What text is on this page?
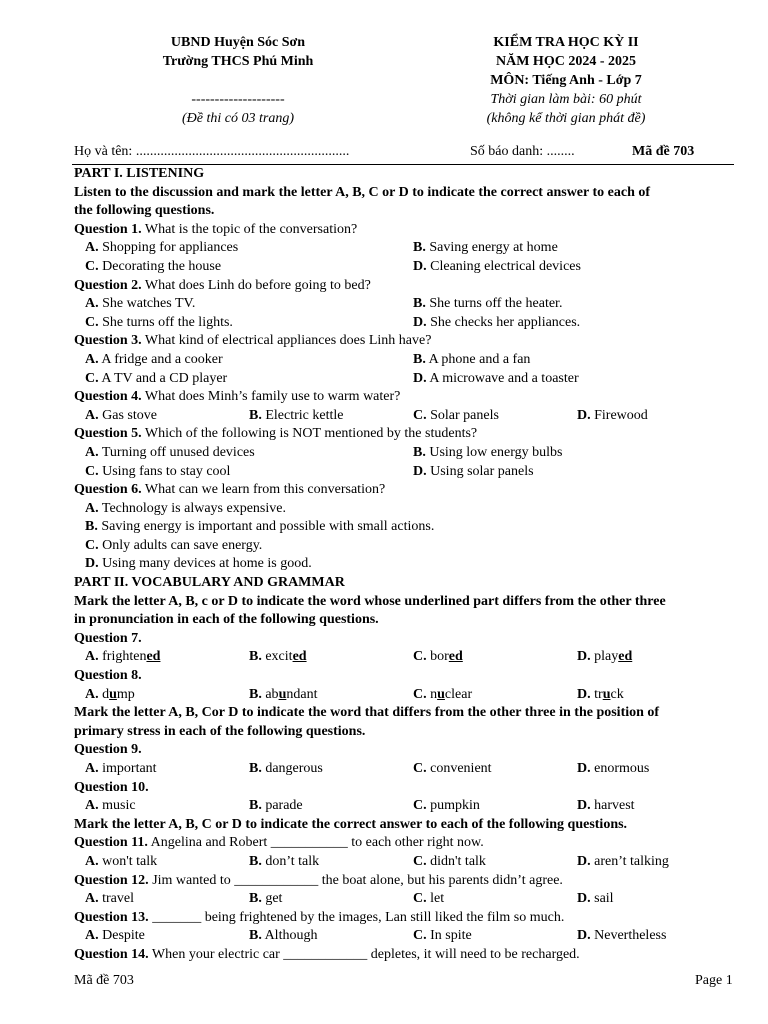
UBND Huyện Sóc Sơn
Trường THCS Phú Minh
--------------------
(Đề thi có 03 trang)
KIỂM TRA HỌC KỲ II
NĂM HỌC 2024 - 2025
MÔN: Tiếng Anh - Lớp 7
Thời gian làm bài: 60 phút
(không kể thời gian phát đề)
Họ và tên: .............................................................	Số báo danh: ........	Mã đề 703
PART I. LISTENING
Listen to the discussion and mark the letter A, B, C or D to indicate the correct answer to each of
the following questions.
Question 1. What is the topic of the conversation?
A. Shopping for appliances	B. Saving energy at home
C. Decorating the house	D. Cleaning electrical devices
Question 2. What does Linh do before going to bed?
A. She watches TV.	B. She turns off the heater.
C. She turns off the lights.	D. She checks her appliances.
Question 3. What kind of electrical appliances does Linh have?
A. A fridge and a cooker	B. A phone and a fan
C. A TV and a CD player	D. A microwave and a toaster
Question 4. What does Minh’s family use to warm water?
A. Gas stove	B. Electric kettle	C. Solar panels	D. Firewood
Question 5. Which of the following is NOT mentioned by the students?
A. Turning off unused devices	B. Using low energy bulbs
C. Using fans to stay cool	D. Using solar panels
Question 6. What can we learn from this conversation?
A. Technology is always expensive.
B. Saving energy is important and possible with small actions.
C. Only adults can save energy.
D. Using many devices at home is good.
PART II. VOCABULARY AND GRAMMAR
Mark the letter A, B, c or D to indicate the word whose underlined part differs from the other three
in pronunciation in each of the following questions.
Question 7.
A. frightened	B. excited	C. bored	D. played
Question 8.
A. dump	B. abundant	C. nuclear	D. truck
Mark the letter A, B, Cor D to indicate the word that differs from the other three in the position of
primary stress in each of the following questions.
Question 9.
A. important	B. dangerous	C. convenient	D. enormous
Question 10.
A. music	B. parade	C. pumpkin	D. harvest
Mark the letter A, B, C or D to indicate the correct answer to each of the following questions.
Question 11. Angelina and Robert ___________ to each other right now.
A. won't talk	B. don’t talk	C. didn't talk	D. aren’t talking
Question 12. Jim wanted to ____________ the boat alone, but his parents didn’t agree.
A. travel	B. get	C. let	D. sail
Question 13. _______ being frightened by the images, Lan still liked the film so much.
A. Despite	B. Although	C. In spite	D. Nevertheless
Question 14. When your electric car ____________ depletes, it will need to be recharged.
Mã đề 703	Page 1
